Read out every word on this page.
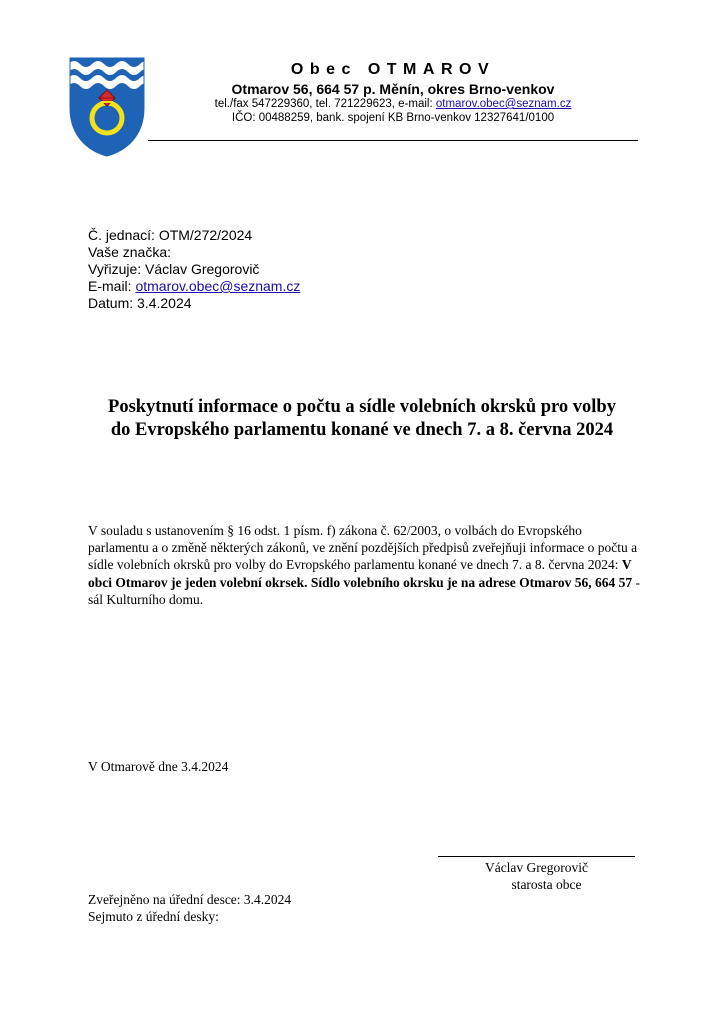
Obec OTMAROV
Otmarov 56, 664 57 p. Měnín, okres Brno-venkov
tel./fax 547229360, tel. 721229623, e-mail: otmarov.obec@seznam.cz
IČO: 00488259, bank. spojení KB Brno-venkov 12327641/0100
Č. jednací: OTM/272/2024
Vaše značka:
Vyřizuje: Václav Gregorovič
E-mail: otmarov.obec@seznam.cz
Datum: 3.4.2024
Poskytnutí informace o počtu a sídle volebních okrsků pro volby
do Evropského parlamentu konané ve dnech 7. a 8. června 2024
V souladu s ustanovením § 16 odst. 1 písm. f) zákona č. 62/2003, o volbách do Evropského parlamentu a o změně některých zákonů, ve znění pozdějších předpisů zveřejňuji informace o počtu a sídle volebních okrsků pro volby do Evropského parlamentu konané ve dnech 7. a 8. června 2024: V obci Otmarov je jeden volební okrsek. Sídlo volebního okrsku je na adrese Otmarov 56, 664 57 - sál Kulturního domu.
V Otmarově dne 3.4.2024
Václav Gregorovič
starosta obce
Zveřejněno na úřední desce: 3.4.2024
Sejmuto z úřední desky:
